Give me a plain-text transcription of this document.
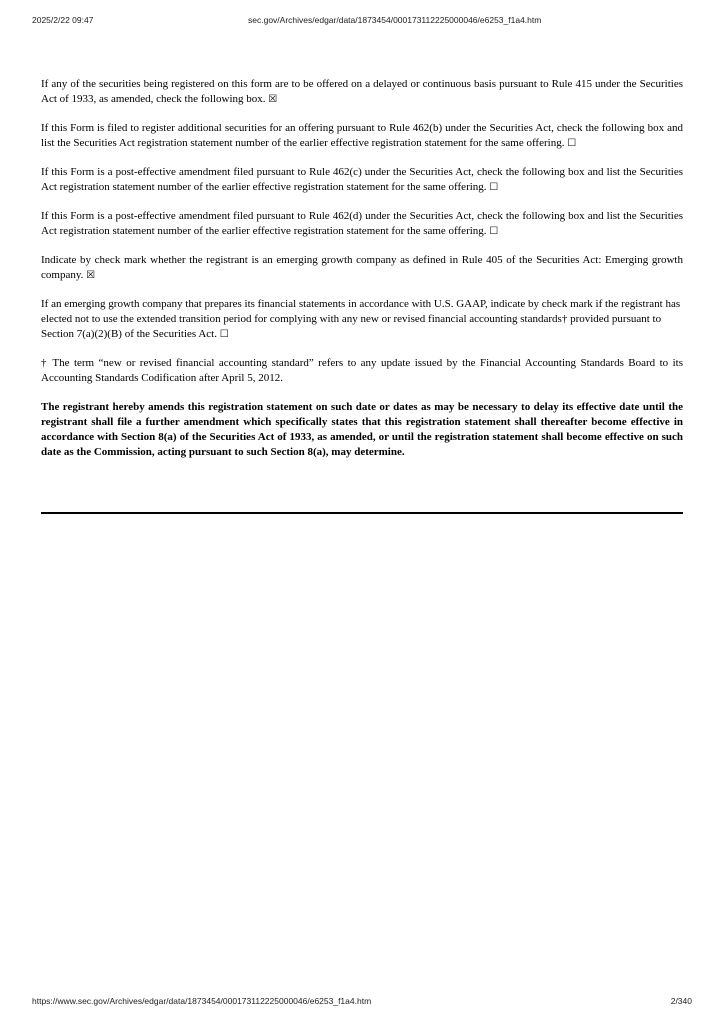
2025/2/22 09:47	sec.gov/Archives/edgar/data/1873454/000173112225000046/e6253_f1a4.htm

If any of the securities being registered on this form are to be offered on a delayed or continuous basis pursuant to Rule 415 under the Securities Act of 1933, as amended, check the following box. ☒

If this Form is filed to register additional securities for an offering pursuant to Rule 462(b) under the Securities Act, check the following box and list the Securities Act registration statement number of the earlier effective registration statement for the same offering. ☐

If this Form is a post-effective amendment filed pursuant to Rule 462(c) under the Securities Act, check the following box and list the Securities Act registration statement number of the earlier effective registration statement for the same offering. ☐

If this Form is a post-effective amendment filed pursuant to Rule 462(d) under the Securities Act, check the following box and list the Securities Act registration statement number of the earlier effective registration statement for the same offering. ☐

Indicate by check mark whether the registrant is an emerging growth company as defined in Rule 405 of the Securities Act: Emerging growth company. ☒

If an emerging growth company that prepares its financial statements in accordance with U.S. GAAP, indicate by check mark if the registrant has elected not to use the extended transition period for complying with any new or revised financial accounting standards† provided pursuant to Section 7(a)(2)(B) of the Securities Act. ☐

† The term “new or revised financial accounting standard” refers to any update issued by the Financial Accounting Standards Board to its Accounting Standards Codification after April 5, 2012.

The registrant hereby amends this registration statement on such date or dates as may be necessary to delay its effective date until the registrant shall file a further amendment which specifically states that this registration statement shall thereafter become effective in accordance with Section 8(a) of the Securities Act of 1933, as amended, or until the registration statement shall become effective on such date as the Commission, acting pursuant to such Section 8(a), may determine.

https://www.sec.gov/Archives/edgar/data/1873454/000173112225000046/e6253_f1a4.htm	2/340
